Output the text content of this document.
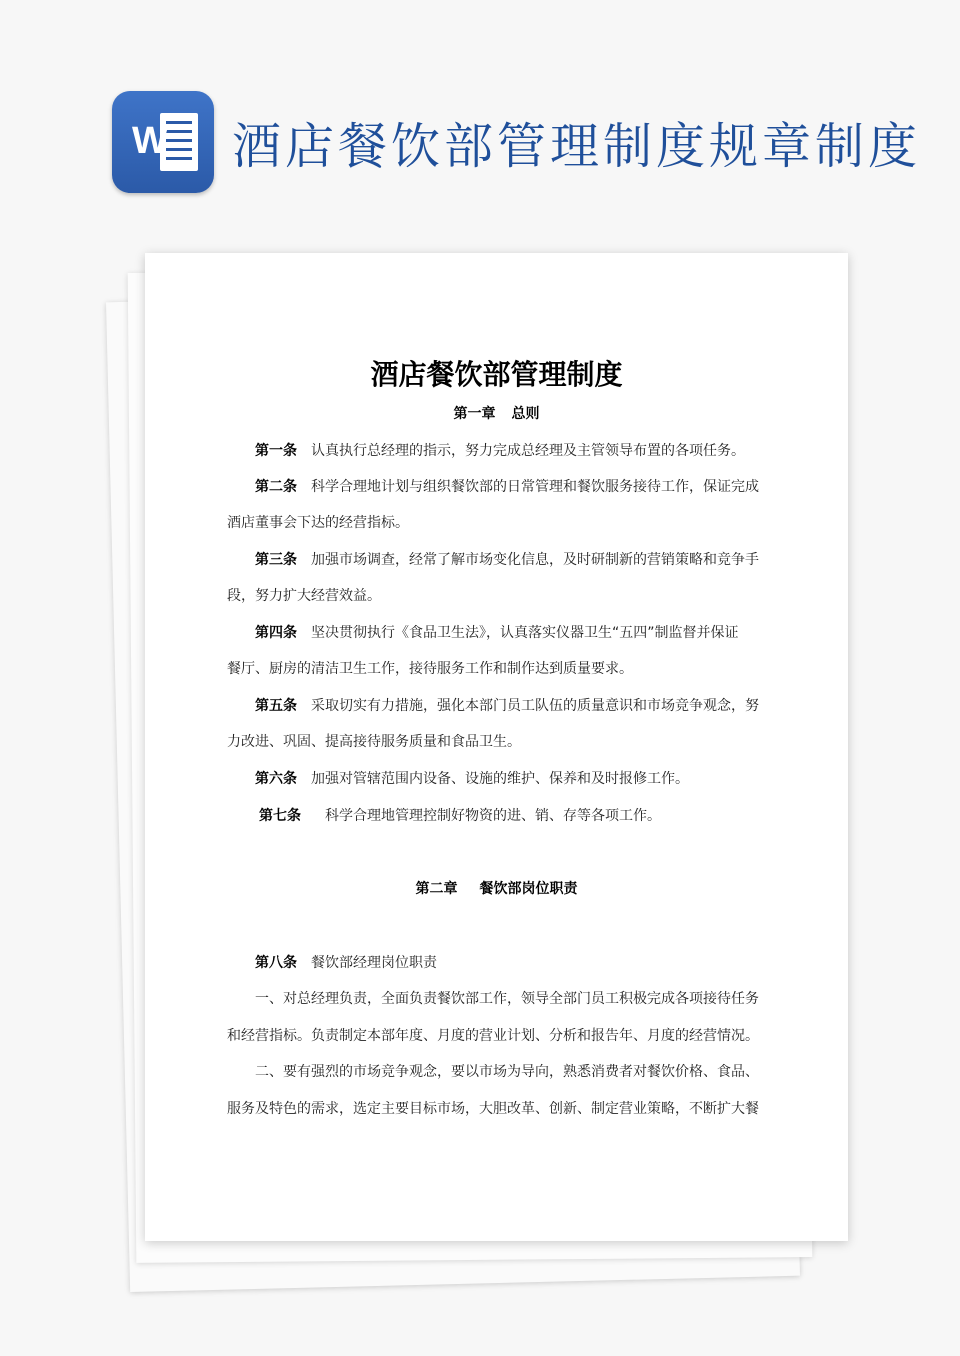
W 酒店餐饮部管理制度规章制度
酒店餐饮部管理制度
第一章 总则
第一条 认真执行总经理的指示，努力完成总经理及主管领导布置的各项任务。
第二条 科学合理地计划与组织餐饮部的日常管理和餐饮服务接待工作，保证完成
酒店董事会下达的经营指标。
第三条 加强市场调查，经常了解市场变化信息，及时研制新的营销策略和竞争手
段，努力扩大经营效益。
第四条 坚决贯彻执行《食品卫生法》，认真落实仪器卫生“五四”制监督并保证
餐厅、厨房的清洁卫生工作，接待服务工作和制作达到质量要求。
第五条 采取切实有力措施，强化本部门员工队伍的质量意识和市场竞争观念，努
力改进、巩固、提高接待服务质量和食品卫生。
第六条 加强对管辖范围内设备、设施的维护、保养和及时报修工作。
第七条 科学合理地管理控制好物资的进、销、存等各项工作。
第二章 餐饮部岗位职责
第八条 餐饮部经理岗位职责
一、对总经理负责，全面负责餐饮部工作，领导全部门员工积极完成各项接待任务
和经营指标。负责制定本部年度、月度的营业计划、分析和报告年、月度的经营情况。
二、要有强烈的市场竞争观念，要以市场为导向，熟悉消费者对餐饮价格、食品、
服务及特色的需求，选定主要目标市场，大胆改革、创新、制定营业策略，不断扩大餐
